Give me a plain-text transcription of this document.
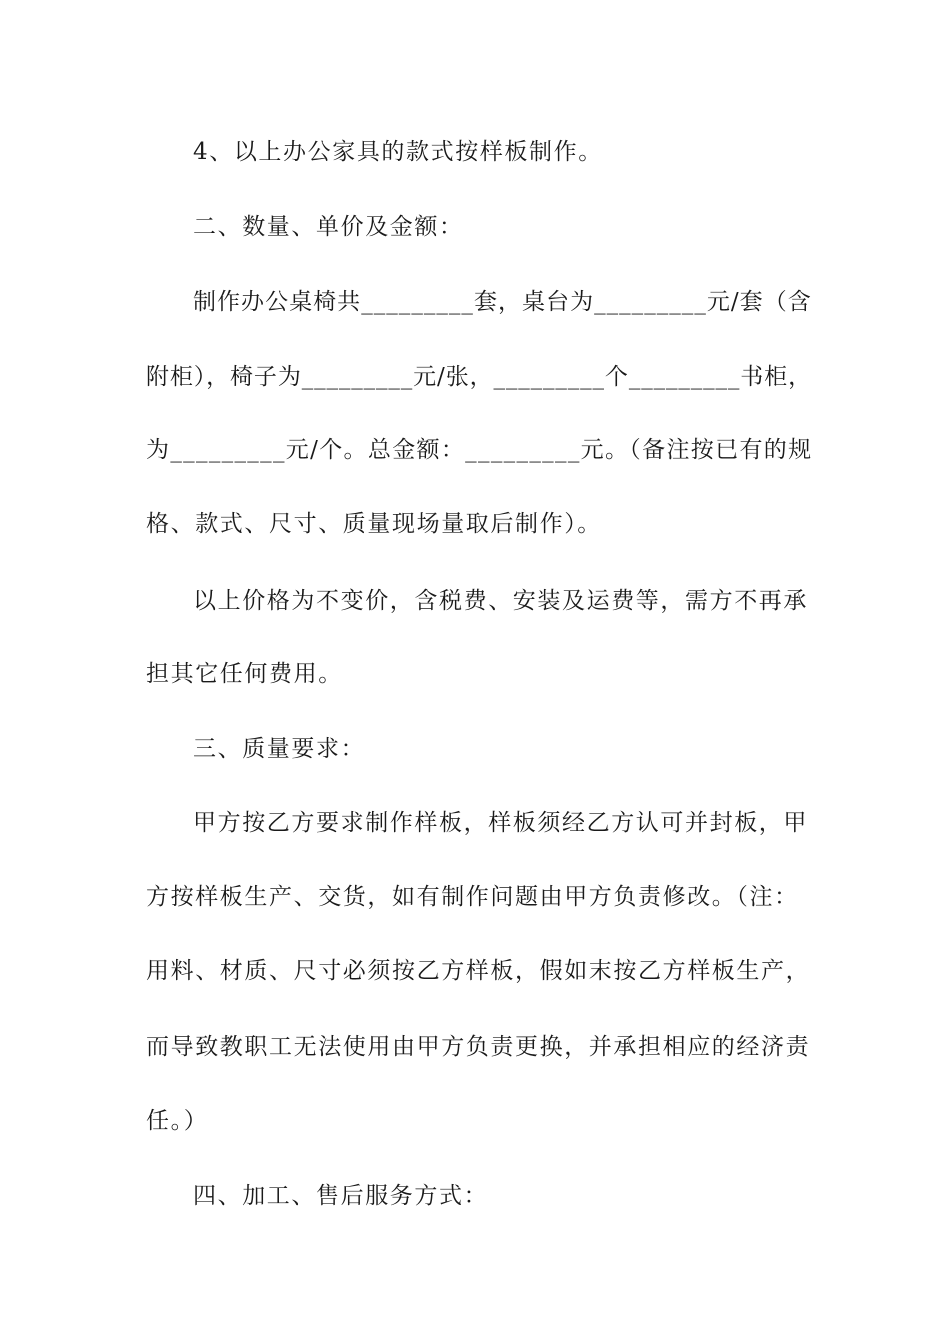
4、以上办公家具的款式按样板制作。
二、数量、单价及金额：
制作办公桌椅共_________套，桌台为_________元/套（含
附柜），椅子为_________元/张，_________个_________书柜，
为_________元/个。总金额：_________元。（备注按已有的规
格、款式、尺寸、质量现场量取后制作）。
以上价格为不变价，含税费、安装及运费等，需方不再承
担其它任何费用。
三、质量要求：
甲方按乙方要求制作样板，样板须经乙方认可并封板，甲
方按样板生产、交货，如有制作问题由甲方负责修改。（注：
用料、材质、尺寸必须按乙方样板，假如末按乙方样板生产，
而导致教职工无法使用由甲方负责更换，并承担相应的经济责
任。）
四、加工、售后服务方式：
